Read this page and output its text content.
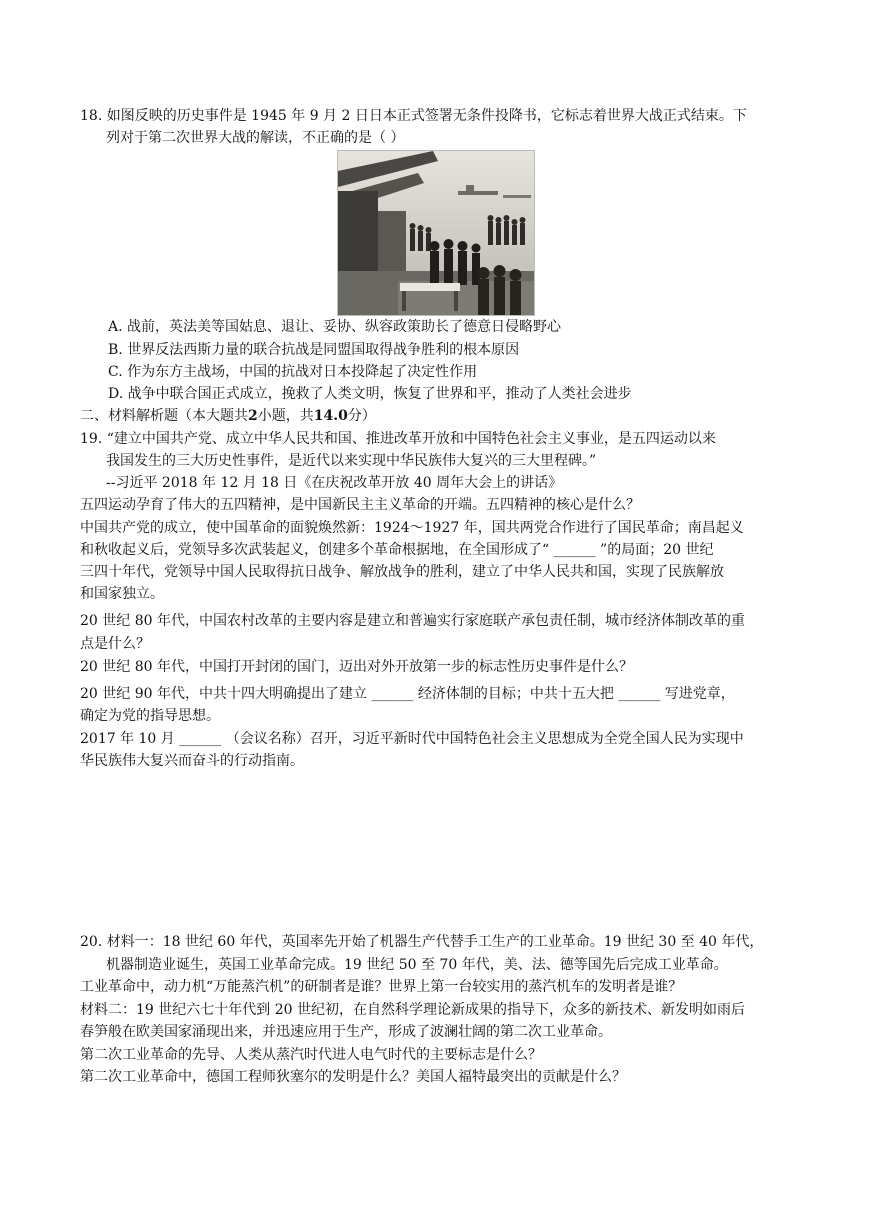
18. 如图反映的历史事件是 1945 年 9 月 2 日日本正式签署无条件投降书，它标志着世界大战正式结束。下
列对于第二次世界大战的解读，不正确的是（ ）
A. 战前，英法美等国姑息、退让、妥协、纵容政策助长了德意日侵略野心
B. 世界反法西斯力量的联合抗战是同盟国取得战争胜利的根本原因
C. 作为东方主战场，中国的抗战对日本投降起了决定性作用
D. 战争中联合国正式成立，挽救了人类文明，恢复了世界和平，推动了人类社会进步
二、材料解析题（本大题共2小题，共14.0分）
19. “建立中国共产党、成立中华人民共和国、推进改革开放和中国特色社会主义事业，是五四运动以来
我国发生的三大历史性事件，是近代以来实现中华民族伟大复兴的三大里程碑。”
--习近平 2018 年 12 月 18 日《在庆祝改革开放 40 周年大会上的讲话》
五四运动孕育了伟大的五四精神，是中国新民主主义革命的开端。五四精神的核心是什么？
中国共产党的成立，使中国革命的面貌焕然新：1924～1927 年，国共两党合作进行了国民革命；南昌起义
和秋收起义后，党领导多次武装起义，创建多个革命根据地，在全国形成了“ ______ ”的局面；20 世纪
三四十年代，党领导中国人民取得抗日战争、解放战争的胜利，建立了中华人民共和国，实现了民族解放
和国家独立。
20 世纪 80 年代，中国农村改革的主要内容是建立和普遍实行家庭联产承包责任制，城市经济体制改革的重
点是什么？
20 世纪 80 年代，中国打开封闭的国门，迈出对外开放第一步的标志性历史事件是什么？
20 世纪 90 年代，中共十四大明确提出了建立 ______ 经济体制的目标；中共十五大把 ______ 写进党章，
确定为党的指导思想。
2017 年 10 月 ______ （会议名称）召开，习近平新时代中国特色社会主义思想成为全党全国人民为实现中
华民族伟大复兴而奋斗的行动指南。
20. 材料一：18 世纪 60 年代，英国率先开始了机器生产代替手工生产的工业革命。19 世纪 30 至 40 年代，
机器制造业诞生，英国工业革命完成。19 世纪 50 至 70 年代，美、法、德等国先后完成工业革命。
工业革命中，动力机“万能蒸汽机”的研制者是谁？世界上第一台较实用的蒸汽机车的发明者是谁？
材料二：19 世纪六七十年代到 20 世纪初，在自然科学理论新成果的指导下，众多的新技术、新发明如雨后
春笋般在欧美国家涌现出来，并迅速应用于生产，形成了波澜壮阔的第二次工业革命。
第二次工业革命的先导、人类从蒸汽时代进人电气时代的主要标志是什么？
第二次工业革命中，德国工程师狄塞尔的发明是什么？美国人福特最突出的贡献是什么？
